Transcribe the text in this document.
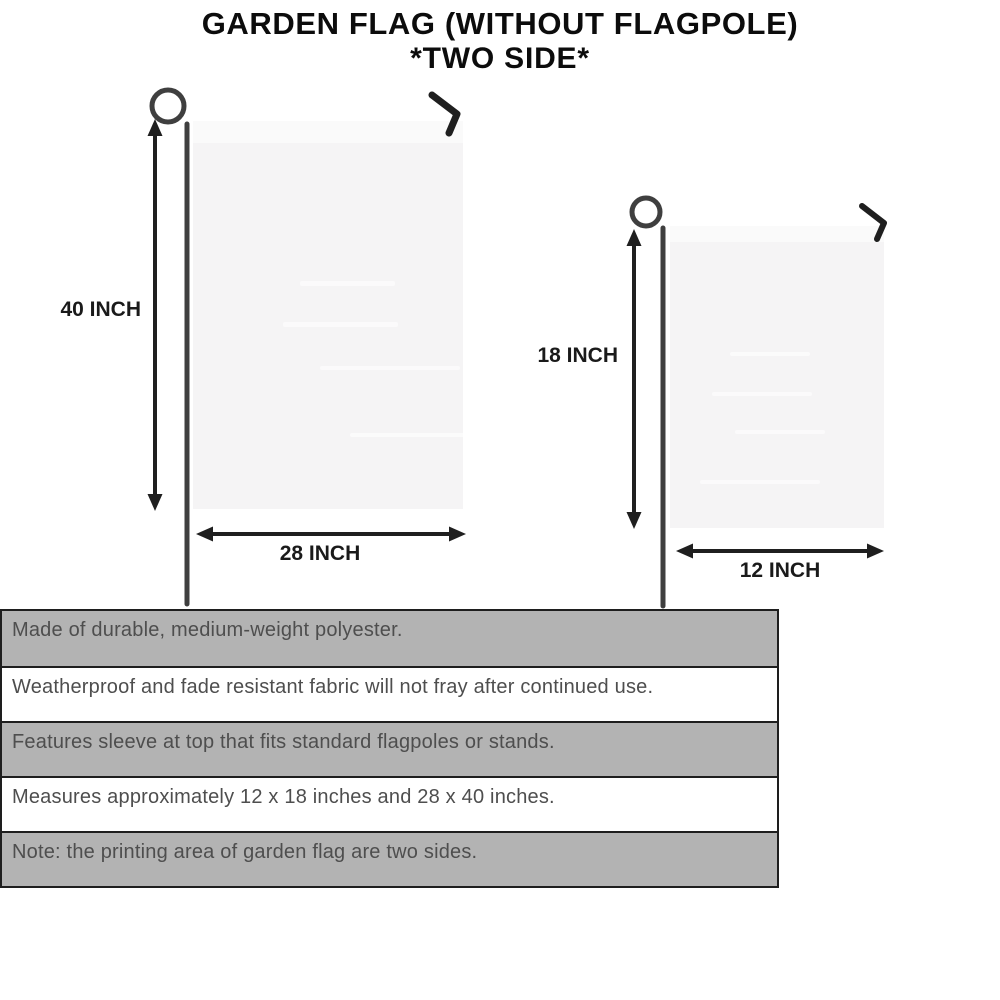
40 INCH
28 INCH
18 INCH
12 INCH
GARDEN FLAG (WITHOUT FLAGPOLE)
*TWO SIDE*
Made of durable, medium-weight polyester.
Weatherproof and fade resistant fabric will not fray after continued use.
Features sleeve at top that fits standard flagpoles or stands.
Measures approximately 12 x 18 inches and 28 x 40 inches.
Note: the printing area of garden flag are two sides.
